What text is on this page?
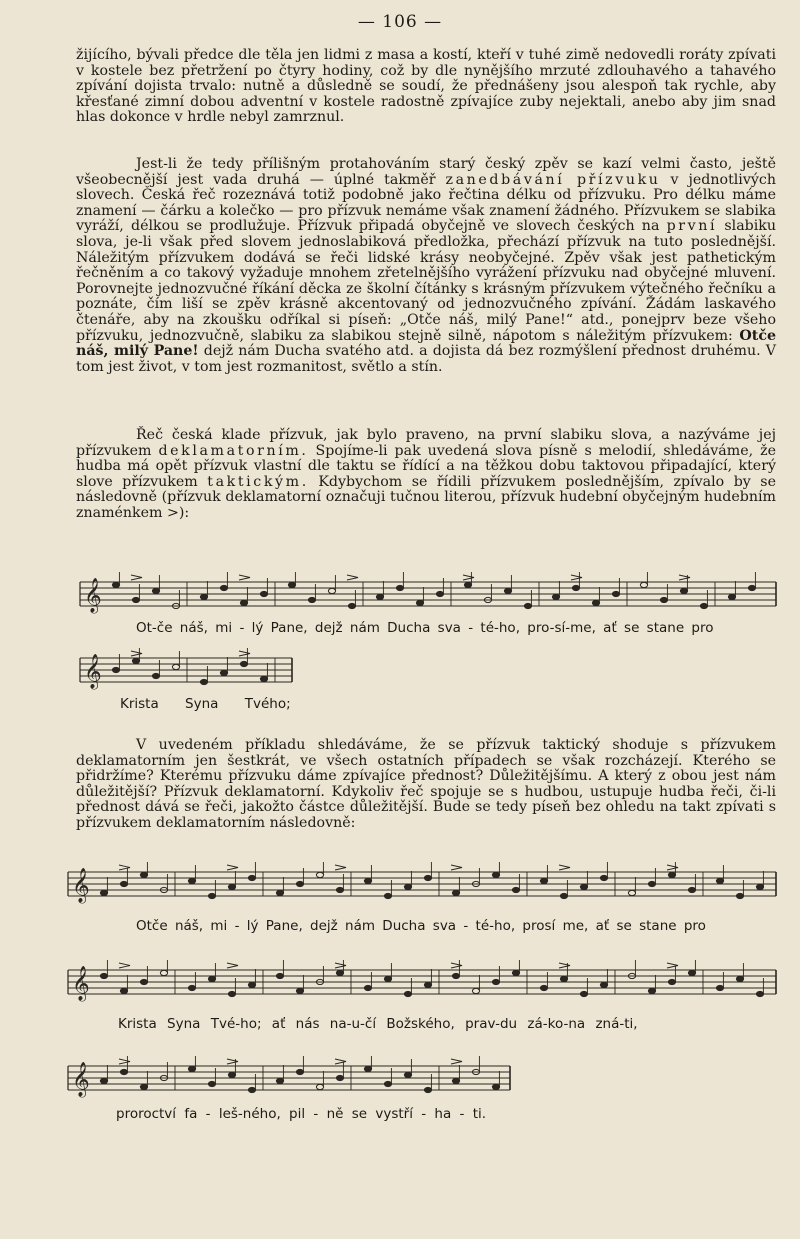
— 106 —

žijícího, bývali předce dle těla jen lidmi z masa a kostí, kteří v tuhé zimě nedovedli roráty zpívati v kostele bez přetržení po čtyry hodiny, což by dle nynějšího mrzuté zdlouhavého a tahavého zpívání dojista trvalo: nutně a důsledně se soudí, že přednášeny jsou alespoň tak rychle, aby křesťané zimní dobou adventní v kostele radostně zpívajíce zuby nejektali, anebo aby jim snad hlas dokonce v hrdle nebyl zamrznul.

Jest-li že tedy přílišným protahováním starý český zpěv se kazí velmi často, ještě všeobecnější jest vada druhá — úplné takměř zanedbávání přízvuku v jednotlivých slovech. Česká řeč rozeznává totiž podobně jako řečtina délku od přízvuku. Pro délku máme znamení — čárku a kolečko — pro přízvuk nemáme však znamení žádného. Přízvukem se slabika vyráží, délkou se prodlužuje. Přízvuk připadá obyčejně ve slovech českých na první slabiku slova, je-li však před slovem jednoslabiková předložka, přechází přízvuk na tuto poslednější. Náležitým přízvukem dodává se řeči lidské krásy neobyčejné. Zpěv však jest pathetickým řečněním a co takový vyžaduje mnohem zřetelnějšího vyrážení přízvuku nad obyčejné mluvení. Porovnejte jednozvučné říkání děcka ze školní čítánky s krásným přízvukem výtečného řečníku a poznáte, čím liší se zpěv krásně akcentovaný od jednozvučného zpívání. Žádám laskavého čtenáře, aby na zkoušku odříkal si píseň: „Otče náš, milý Pane!“ atd., ponejprv beze všeho přízvuku, jednozvučně, slabiku za slabikou stejně silně, nápotom s náležitým přízvukem: Otče náš, milý Pane! dejž nám Ducha svatého atd. a dojista dá bez rozmýšlení přednost druhému. V tom jest život, v tom jest rozmanitost, světlo a stín.

Řeč česká klade přízvuk, jak bylo praveno, na první slabiku slova, a nazýváme jej přízvukem deklamatorním. Spojíme-li pak uvedená slova písně s melodií, shledáváme, že hudba má opět přízvuk vlastní dle taktu se řídící a na těžkou dobu taktovou připadající, který slove přízvukem taktickým. Kdybychom se řídili přízvukem poslednějším, zpívalo by se následovně (přízvuk deklamatorní označuji tučnou literou, přízvuk hudební obyčejným hudebním znaménkem >):

𝄞
Ot-če náš, mi - lý Pane, dejž nám Ducha sva - té-ho, pro-sí-me, ať se stane pro
𝄞
Krista Syna Tvého;

V uvedeném příkladu shledáváme, že se přízvuk taktický shoduje s přízvukem deklamatorním jen šestkrát, ve všech ostatních případech se však rozcházejí. Kterého se přidržíme? Kterému přízvuku dáme zpívajíce přednost? Důležitějšímu. A který z obou jest nám důležitější? Přízvuk deklamatorní. Kdykoliv řeč spojuje se s hudbou, ustupuje hudba řeči, či-li přednost dává se řeči, jakožto částce důležitější. Bude se tedy píseň bez ohledu na takt zpívati s přízvukem deklamatorním následovně:

𝄞
Otče náš, mi - lý Pane, dejž nám Ducha sva - té-ho, prosí me, ať se stane pro
𝄞
Krista Syna Tvé-ho; ať nás na-u-čí Božského, prav-du zá-ko-na zná-ti,
𝄞
proroctví fa - leš-ného, pil - ně se vystří - ha - ti.
